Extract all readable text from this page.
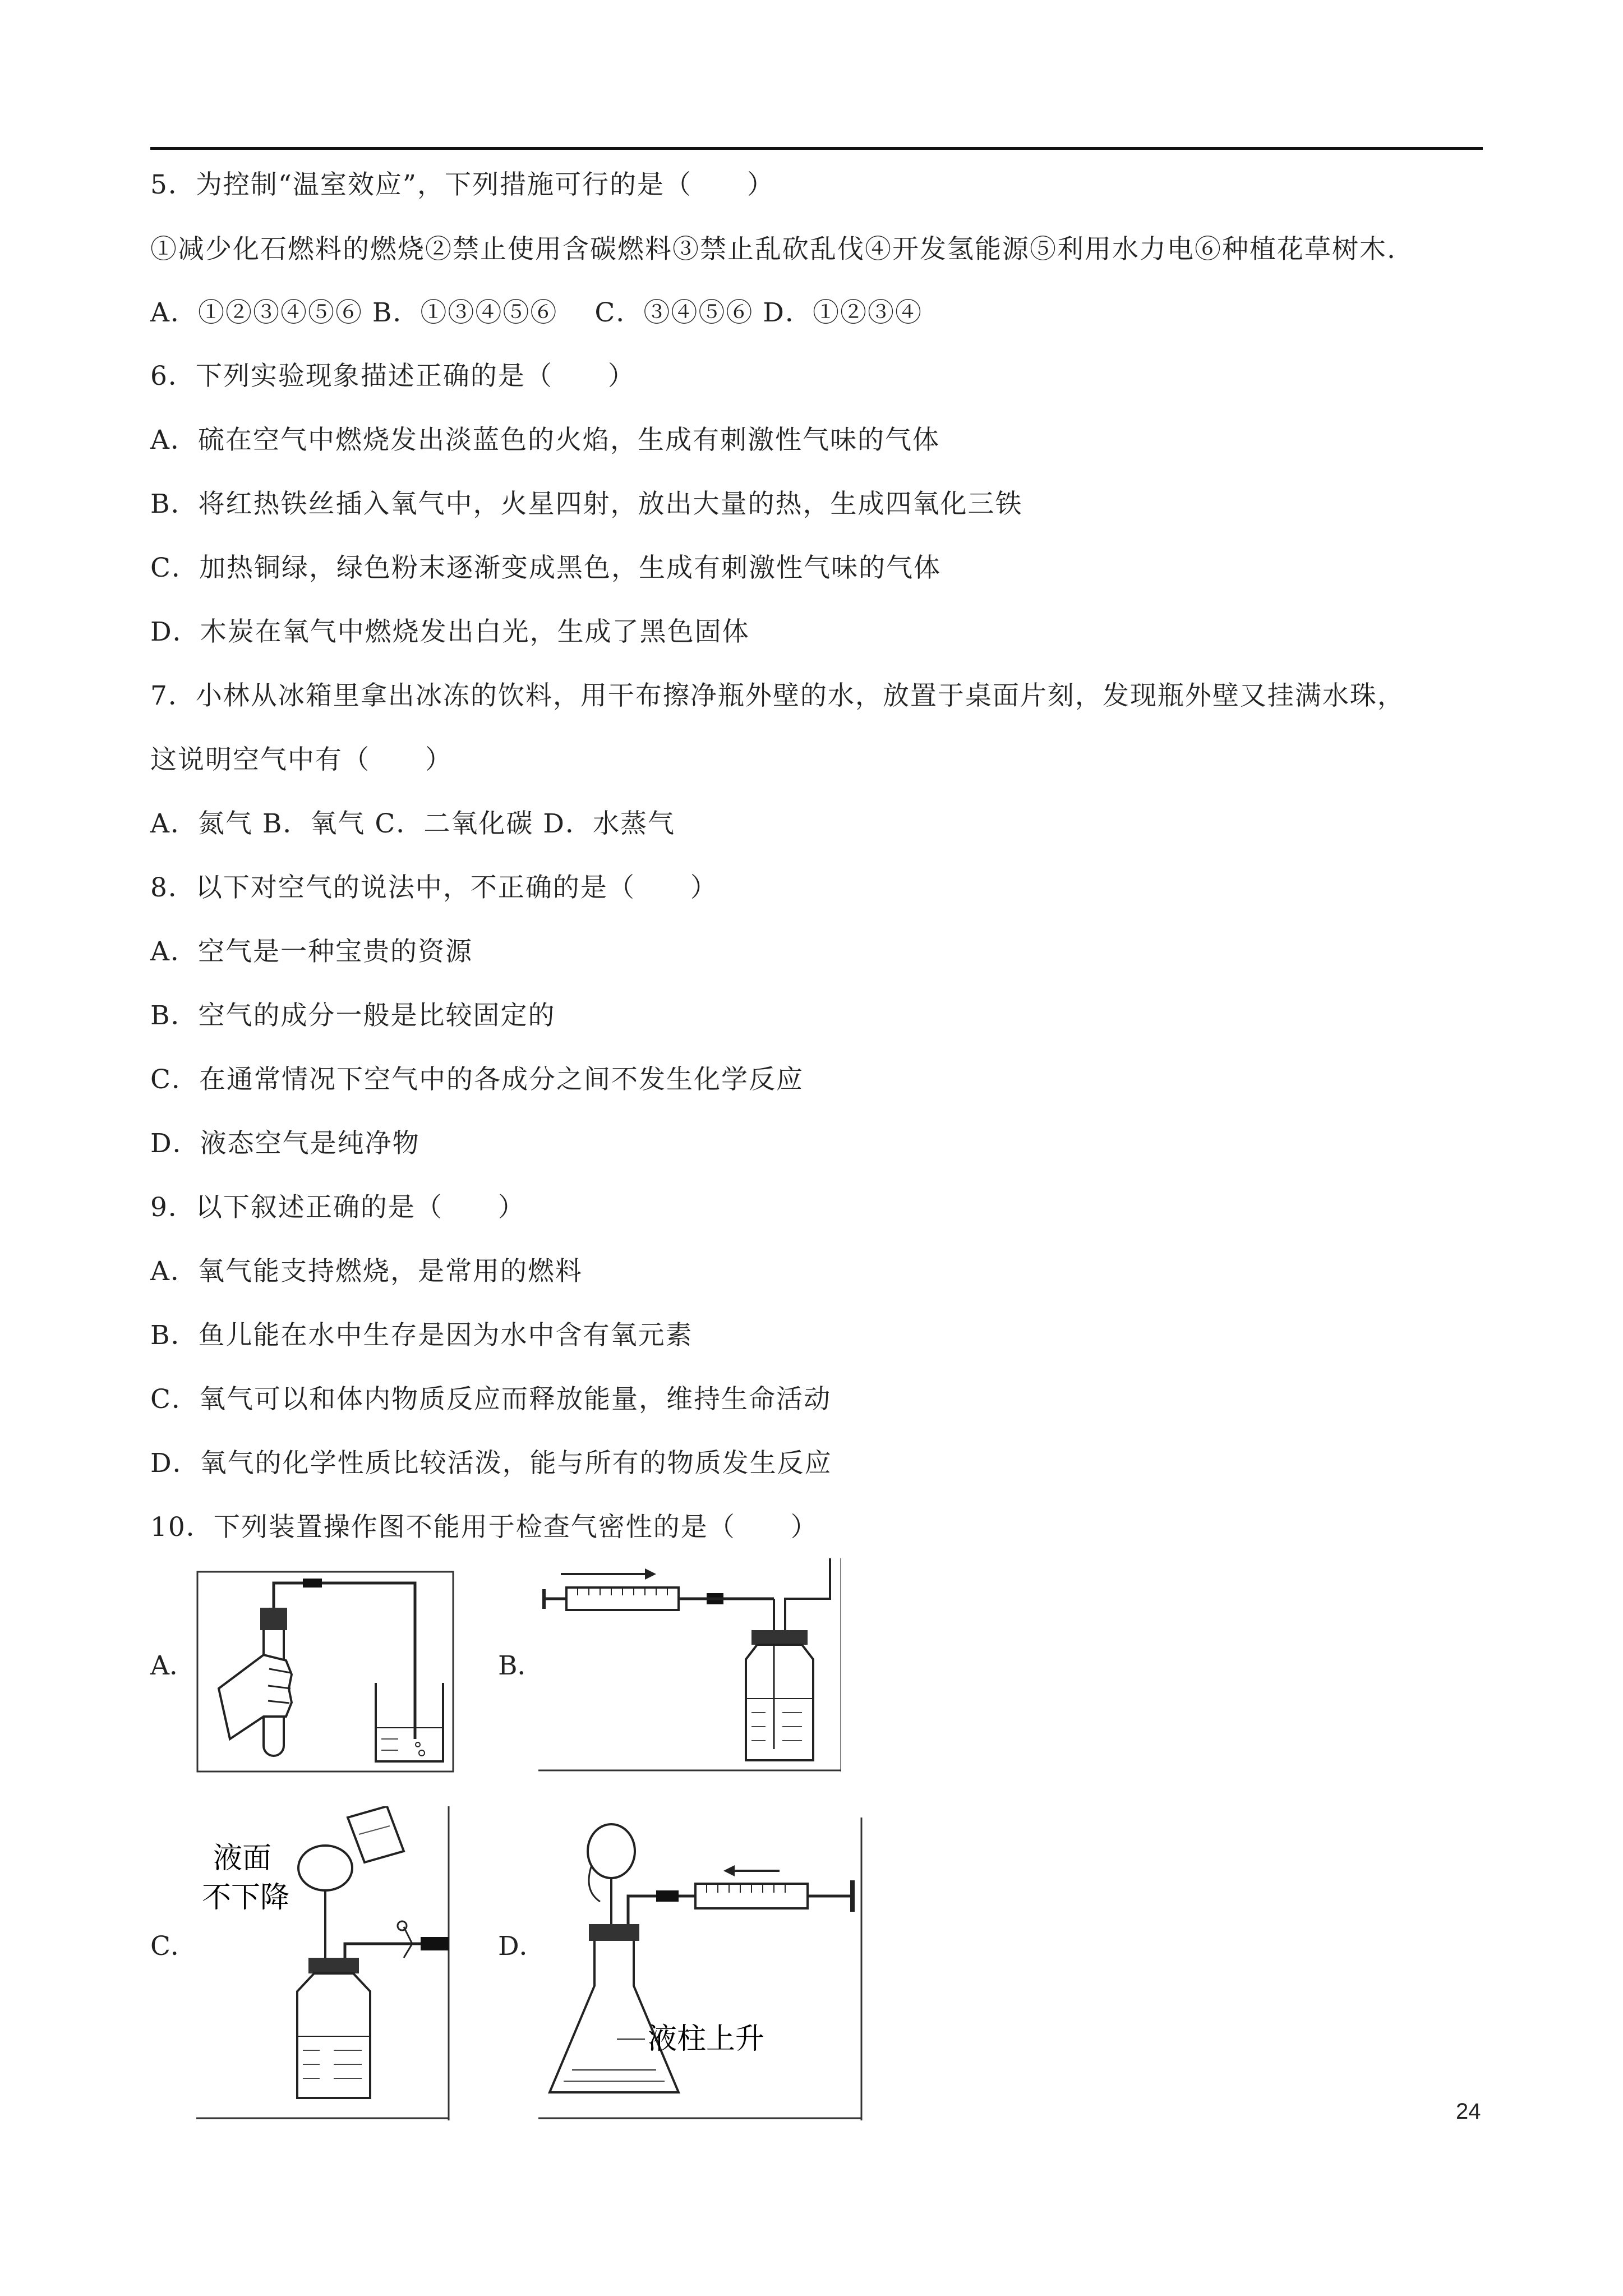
5．为控制“温室效应”，下列措施可行的是（　　）
①减少化石燃料的燃烧②禁止使用含碳燃料③禁止乱砍乱伐④开发氢能源⑤利用水力电⑥种植花草树木.
A．①②③④⑤⑥ B．①③④⑤⑥　 C．③④⑤⑥ D．①②③④
6．下列实验现象描述正确的是（　　）
A．硫在空气中燃烧发出淡蓝色的火焰，生成有刺激性气味的气体
B．将红热铁丝插入氧气中，火星四射，放出大量的热，生成四氧化三铁
C．加热铜绿，绿色粉末逐渐变成黑色，生成有刺激性气味的气体
D．木炭在氧气中燃烧发出白光，生成了黑色固体
7．小林从冰箱里拿出冰冻的饮料，用干布擦净瓶外壁的水，放置于桌面片刻，发现瓶外壁又挂满水珠，
这说明空气中有（　　）
A．氮气 B．氧气 C．二氧化碳 D．水蒸气
8．以下对空气的说法中，不正确的是（　　）
A．空气是一种宝贵的资源
B．空气的成分一般是比较固定的
C．在通常情况下空气中的各成分之间不发生化学反应
D．液态空气是纯净物
9．以下叙述正确的是（　　）
A．氧气能支持燃烧，是常用的燃料
B．鱼儿能在水中生存是因为水中含有氧元素
C．氧气可以和体内物质反应而释放能量，维持生命活动
D．氧气的化学性质比较活泼，能与所有的物质发生反应
10．下列装置操作图不能用于检查气密性的是（　　）
A．	B．
C．	D．
液面
不下降
液柱上升
24
